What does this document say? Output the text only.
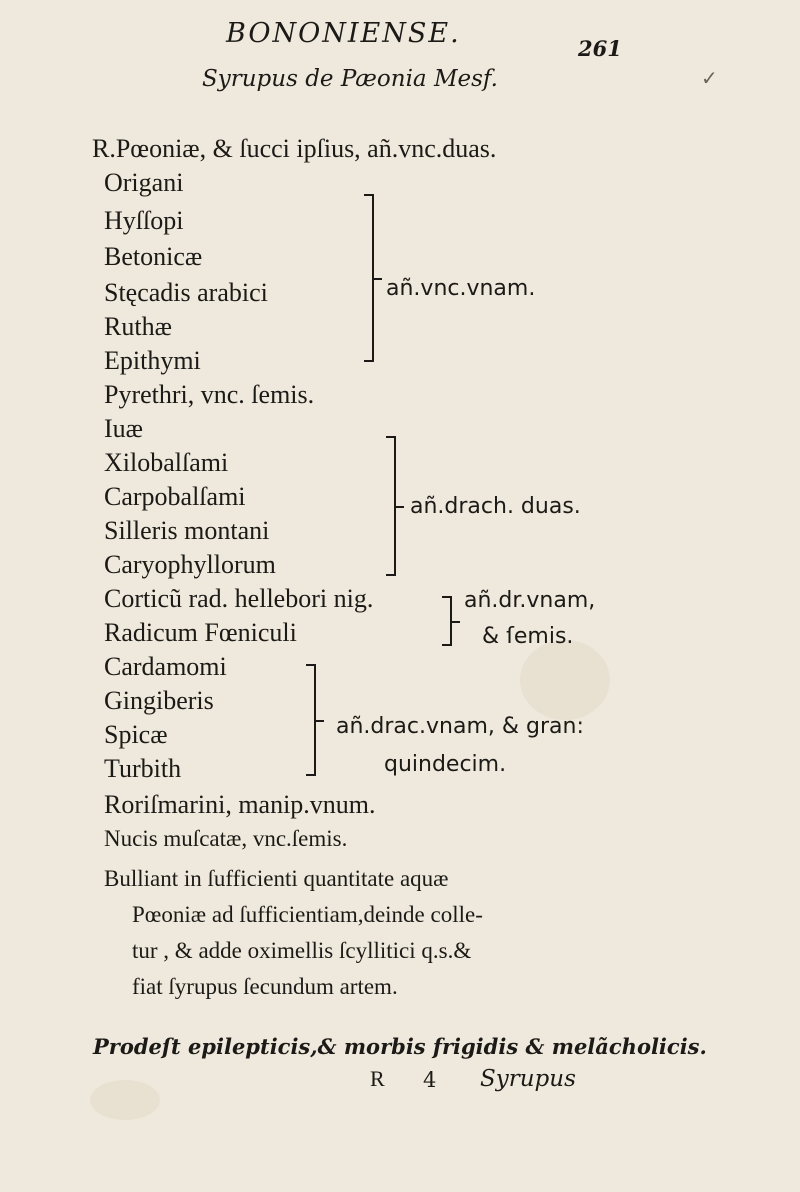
BONONIENSE.	261
✓
Syrupus de Pæonia Mesf.
R.Pœoniæ, & ſucci ipſius, añ.vnc.duas.
Origani
Hyſſopi
Betonicæ
Stęcadis arabici
Ruthæ
Epithymi
añ.vnc.vnam.
Pyrethri, vnc. ſemis.
Iuæ
Xilobalſami
Carpobalſami
Silleris montani
Caryophyllorum
añ.drach. duas.
Corticũ rad. hellebori nig.
Radicum Fœniculi
añ.dr.vnam,
& ſemis.
Cardamomi
Gingiberis
Spicæ
Turbith
añ.drac.vnam, & gran:
quindecim.
Roriſmarini, manip.vnum.
Nucis muſcatæ, vnc.ſemis.
Bulliant in ſufficienti quantitate aquæ
Pœoniæ ad ſufficientiam,deinde colle-
tur , & adde oximellis ſcyllitici q.s.&
fiat ſyrupus ſecundum artem.
Prodeſt epilepticis,& morbis frigidis & melãcholicis.
R 4 Syrupus
